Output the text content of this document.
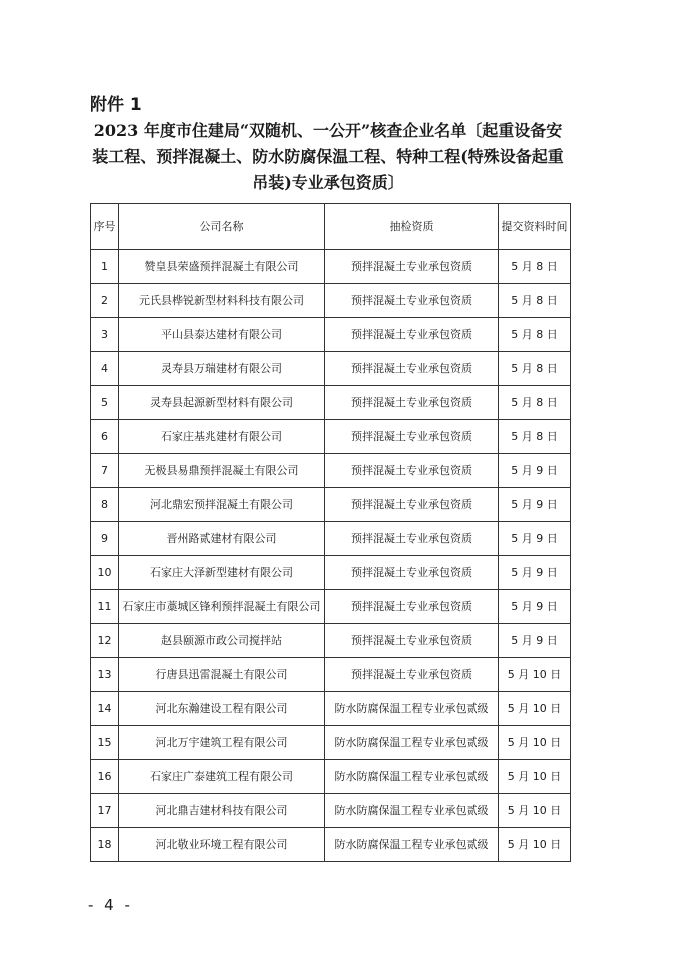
附件 1
2023 年度市住建局“双随机、一公开”核查企业名单〔起重设备安装工程、预拌混凝土、防水防腐保温工程、特种工程(特殊设备起重吊装)专业承包资质〕
序号	公司名称	抽检资质	提交资料时间
1	赞皇县荣盛预拌混凝土有限公司	预拌混凝土专业承包资质	5 月 8 日
2	元氏县桦锐新型材料科技有限公司	预拌混凝土专业承包资质	5 月 8 日
3	平山县泰达建材有限公司	预拌混凝土专业承包资质	5 月 8 日
4	灵寿县万瑞建材有限公司	预拌混凝土专业承包资质	5 月 8 日
5	灵寿县起源新型材料有限公司	预拌混凝土专业承包资质	5 月 8 日
6	石家庄基兆建材有限公司	预拌混凝土专业承包资质	5 月 8 日
7	无极县易鼎预拌混凝土有限公司	预拌混凝土专业承包资质	5 月 9 日
8	河北鼎宏预拌混凝土有限公司	预拌混凝土专业承包资质	5 月 9 日
9	晋州路贰建材有限公司	预拌混凝土专业承包资质	5 月 9 日
10	石家庄大泽新型建材有限公司	预拌混凝土专业承包资质	5 月 9 日
11	石家庄市藁城区锋利预拌混凝土有限公司	预拌混凝土专业承包资质	5 月 9 日
12	赵县颐源市政公司搅拌站	预拌混凝土专业承包资质	5 月 9 日
13	行唐县迅雷混凝土有限公司	预拌混凝土专业承包资质	5 月 10 日
14	河北东瀚建设工程有限公司	防水防腐保温工程专业承包贰级	5 月 10 日
15	河北万宇建筑工程有限公司	防水防腐保温工程专业承包贰级	5 月 10 日
16	石家庄广泰建筑工程有限公司	防水防腐保温工程专业承包贰级	5 月 10 日
17	河北鼎吉建材科技有限公司	防水防腐保温工程专业承包贰级	5 月 10 日
18	河北敬业环境工程有限公司	防水防腐保温工程专业承包贰级	5 月 10 日
- 4 -
